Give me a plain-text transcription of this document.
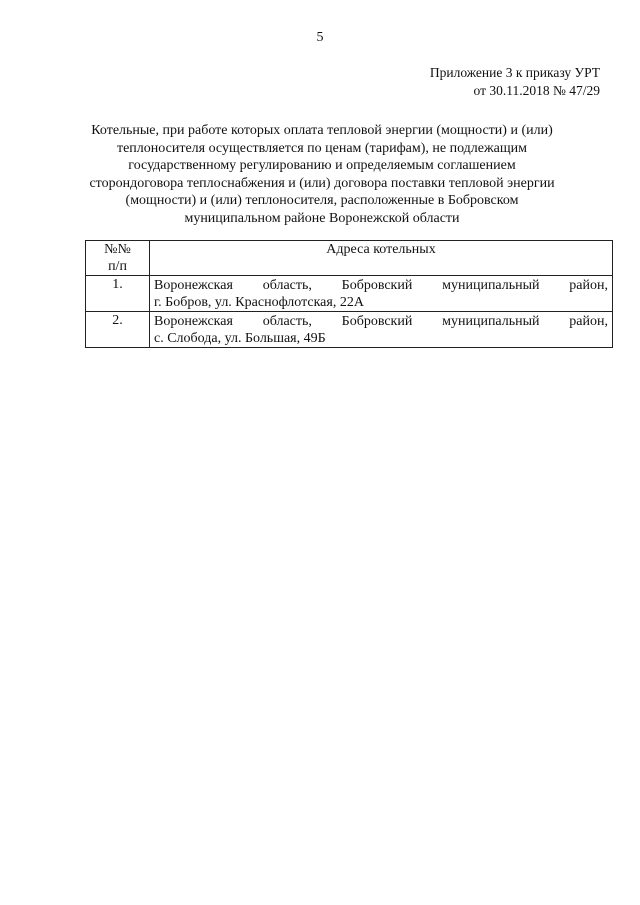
5
Приложение 3 к приказу УРТ
от 30.11.2018 № 47/29
Котельные, при работе которых оплата тепловой энергии (мощности) и (или)
теплоносителя осуществляется по ценам (тарифам), не подлежащим
государственному регулированию и определяемым соглашением
сторондоговора теплоснабжения и (или) договора поставки тепловой энергии
(мощности) и (или) теплоносителя, расположенные в Бобровском
муниципальном районе Воронежской области
№№
п/п	Адреса котельных
1.	Воронежская область, Бобровский муниципальный район,
г. Бобров, ул. Краснофлотская, 22А

2.	Воронежская область, Бобровский муниципальный район,
с. Слобода, ул. Большая, 49Б
